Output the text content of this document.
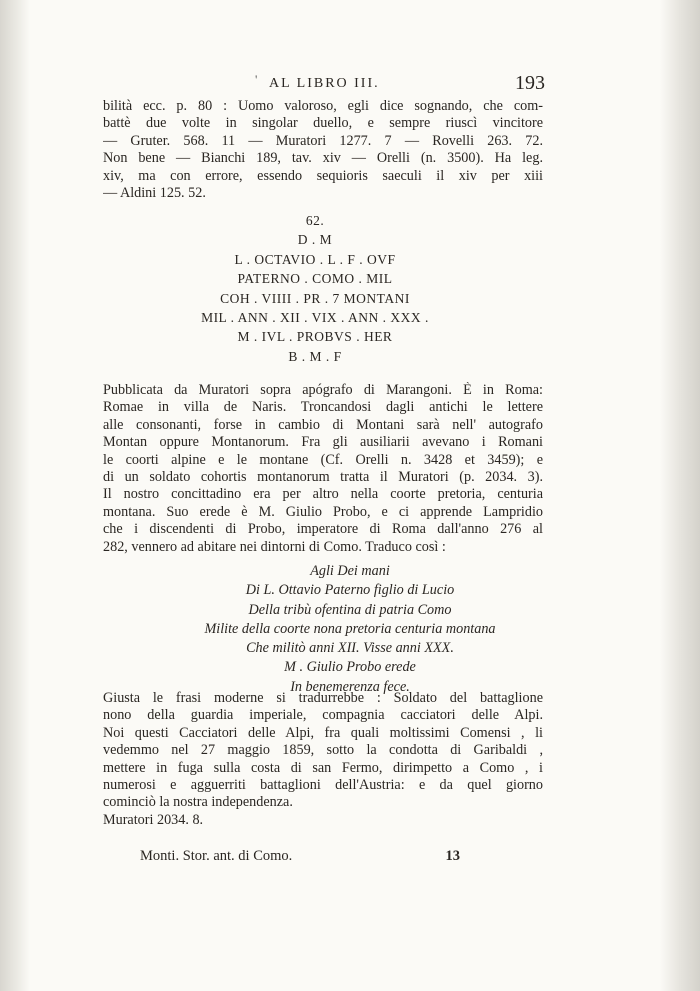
' AL LIBRO III.	193
bilità ecc. p. 80 : Uomo valoroso, egli dice sognando, che com-
battè due volte in singolar duello, e sempre riuscì vincitore
— Gruter. 568. 11 — Muratori 1277. 7 — Rovelli 263. 72.
Non bene — Bianchi 189, tav. xiv — Orelli (n. 3500). Ha leg.
xiv, ma con errore, essendo sequioris saeculi il xiv per xiii
— Aldini 125. 52.
62.
D . M
L . OCTAVIO . L . F . OVF
PATERNO . COMO . MIL
COH . VIIII . PR . 7 MONTANI
MIL . ANN . XII . VIX . ANN . XXX .
M . IVL . PROBVS . HER
B . M . F
Pubblicata da Muratori sopra apógrafo di Marangoni. È in Roma:
Romae in villa de Naris. Troncandosi dagli antichi le lettere
alle consonanti, forse in cambio di Montani sarà nell' autografo
Montan oppure Montanorum. Fra gli ausiliarii avevano i Romani
le coorti alpine e le montane (Cf. Orelli n. 3428 et 3459); e
di un soldato cohortis montanorum tratta il Muratori (p. 2034. 3).
Il nostro concittadino era per altro nella coorte pretoria, centuria
montana. Suo erede è M. Giulio Probo, e ci apprende Lampridio
che i discendenti di Probo, imperatore di Roma dall'anno 276 al
282, vennero ad abitare nei dintorni di Como. Traduco così :
Agli Dei mani
Di L. Ottavio Paterno figlio di Lucio
Della tribù ofentina di patria Como
Milite della coorte nona pretoria centuria montana
Che militò anni XII. Visse anni XXX.
M . Giulio Probo erede
In benemerenza fece.
Giusta le frasi moderne si tradurrebbe : Soldato del battaglione
nono della guardia imperiale, compagnia cacciatori delle Alpi.
Noi questi Cacciatori delle Alpi, fra quali moltissimi Comensi , li
vedemmo nel 27 maggio 1859, sotto la condotta di Garibaldi ,
mettere in fuga sulla costa di san Fermo, dirimpetto a Como , i
numerosi e agguerriti battaglioni dell'Austria: e da quel giorno
cominciò la nostra independenza.
Muratori 2034. 8.
Monti. Stor. ant. di Como.	13
